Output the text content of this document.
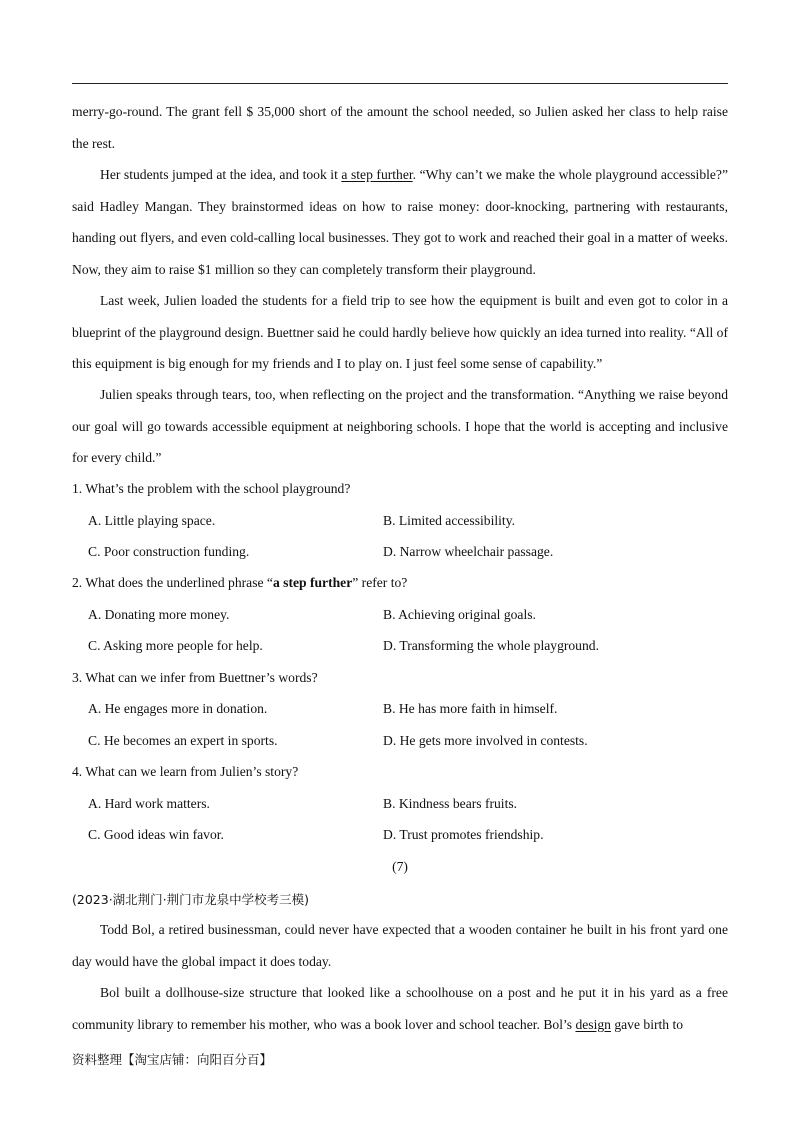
merry-go-round. The grant fell $ 35,000 short of the amount the school needed, so Julien asked her class to help raise the rest.
Her students jumped at the idea, and took it a step further. “Why can’t we make the whole playground accessible?” said Hadley Mangan. They brainstormed ideas on how to raise money: door-knocking, partnering with restaurants, handing out flyers, and even cold-calling local businesses. They got to work and reached their goal in a matter of weeks. Now, they aim to raise $1 million so they can completely transform their playground.
Last week, Julien loaded the students for a field trip to see how the equipment is built and even got to color in a blueprint of the playground design. Buettner said he could hardly believe how quickly an idea turned into reality. “All of this equipment is big enough for my friends and I to play on. I just feel some sense of capability.”
Julien speaks through tears, too, when reflecting on the project and the transformation. “Anything we raise beyond our goal will go towards accessible equipment at neighboring schools. I hope that the world is accepting and inclusive for every child.”
1. What’s the problem with the school playground?
A. Little playing space.	B. Limited accessibility.
C. Poor construction funding.	D. Narrow wheelchair passage.
2. What does the underlined phrase “a step further” refer to?
A. Donating more money.	B. Achieving original goals.
C. Asking more people for help.	D. Transforming the whole playground.
3. What can we infer from Buettner’s words?
A. He engages more in donation.	B. He has more faith in himself.
C. He becomes an expert in sports.	D. He gets more involved in contests.
4. What can we learn from Julien’s story?
A. Hard work matters.	B. Kindness bears fruits.
C. Good ideas win favor.	D. Trust promotes friendship.
(7)
(2023·湖北荆门·荆门市龙泉中学校考三模)
Todd Bol, a retired businessman, could never have expected that a wooden container he built in his front yard one day would have the global impact it does today.
Bol built a dollhouse-size structure that looked like a schoolhouse on a post and he put it in his yard as a free community library to remember his mother, who was a book lover and school teacher. Bol’s design gave birth to
资料整理【淘宝店铺：向阳百分百】
